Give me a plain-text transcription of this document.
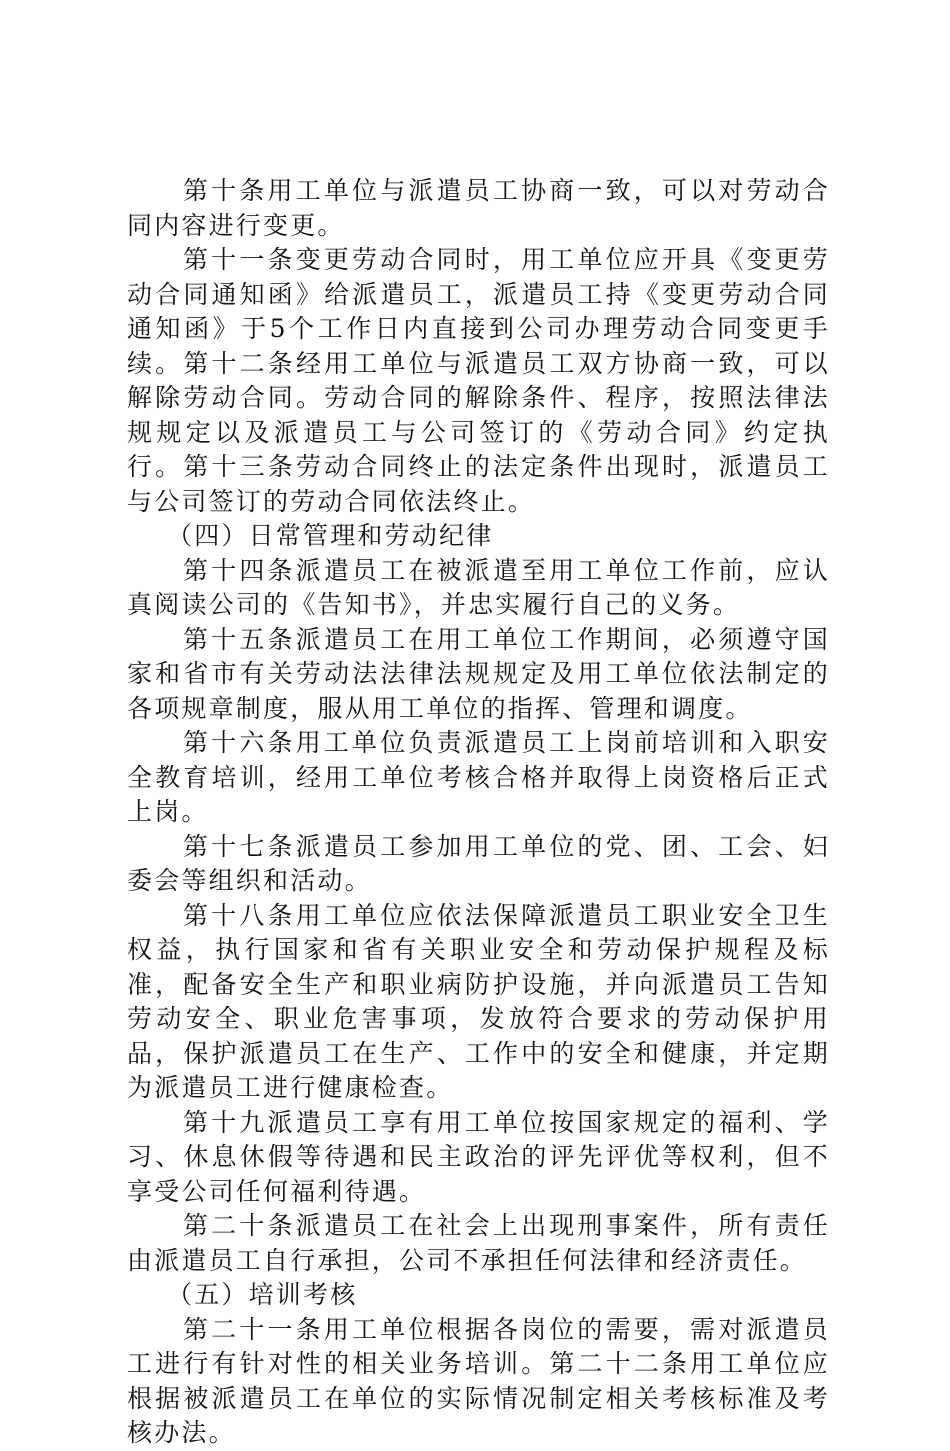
第十条用工单位与派遣员工协商一致，可以对劳动合同内容进行变更。

第十一条变更劳动合同时，用工单位应开具《变更劳动合同通知函》给派遣员工，派遣员工持《变更劳动合同通知函》于5个工作日内直接到公司办理劳动合同变更手续。第十二条经用工单位与派遣员工双方协商一致，可以解除劳动合同。劳动合同的解除条件、程序，按照法律法规规定以及派遣员工与公司签订的《劳动合同》约定执行。第十三条劳动合同终止的法定条件出现时，派遣员工与公司签订的劳动合同依法终止。

（四）日常管理和劳动纪律

第十四条派遣员工在被派遣至用工单位工作前，应认真阅读公司的《告知书》，并忠实履行自己的义务。

第十五条派遣员工在用工单位工作期间，必须遵守国家和省市有关劳动法法律法规规定及用工单位依法制定的各项规章制度，服从用工单位的指挥、管理和调度。

第十六条用工单位负责派遣员工上岗前培训和入职安全教育培训，经用工单位考核合格并取得上岗资格后正式上岗。

第十七条派遣员工参加用工单位的党、团、工会、妇委会等组织和活动。

第十八条用工单位应依法保障派遣员工职业安全卫生权益，执行国家和省有关职业安全和劳动保护规程及标准，配备安全生产和职业病防护设施，并向派遣员工告知劳动安全、职业危害事项，发放符合要求的劳动保护用品，保护派遣员工在生产、工作中的安全和健康，并定期为派遣员工进行健康检查。

第十九派遣员工享有用工单位按国家规定的福利、学习、休息休假等待遇和民主政治的评先评优等权利，但不享受公司任何福利待遇。

第二十条派遣员工在社会上出现刑事案件，所有责任由派遣员工自行承担，公司不承担任何法律和经济责任。

（五）培训考核

第二十一条用工单位根据各岗位的需要，需对派遣员工进行有针对性的相关业务培训。第二十二条用工单位应根据被派遣员工在单位的实际情况制定相关考核标准及考核办法。
